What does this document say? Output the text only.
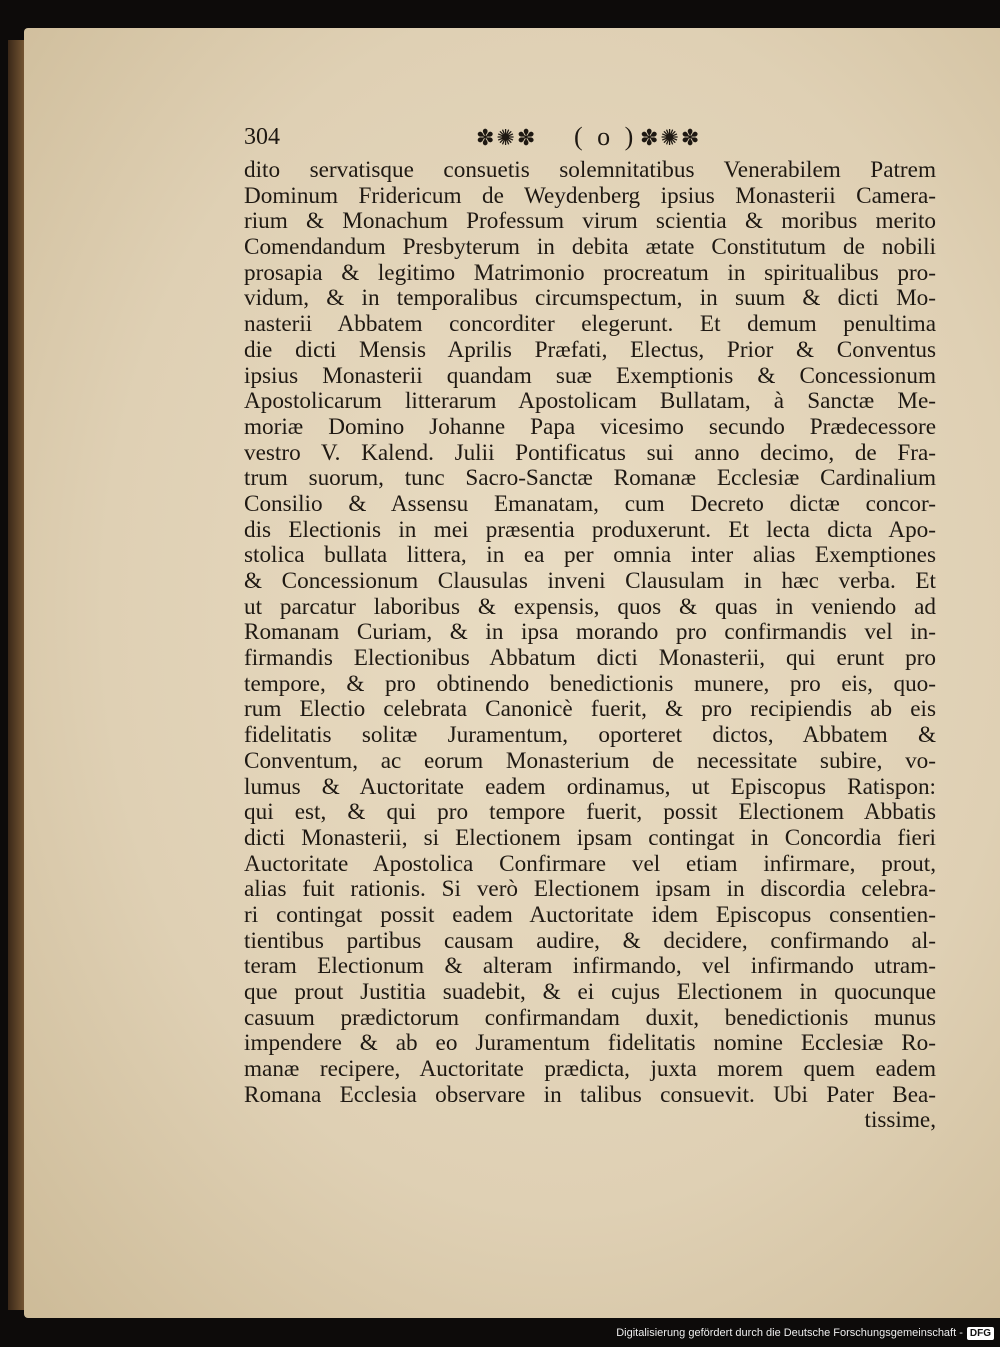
304	✽✺✽ ( o ) ✽✺✽
dito servatisque consuetis solemnitatibus Venerabilem Patrem
Dominum Fridericum de Weydenberg ipsius Monasterii Camera-
rium & Monachum Professum virum scientia & moribus merito
Comendandum Presbyterum in debita ætate Constitutum de nobili
prosapia & legitimo Matrimonio procreatum in spiritualibus pro-
vidum, & in temporalibus circumspectum, in suum & dicti Mo-
nasterii Abbatem concorditer elegerunt. Et demum penultima
die dicti Mensis Aprilis Præfati, Electus, Prior & Conventus
ipsius Monasterii quandam suæ Exemptionis & Concessionum
Apostolicarum litterarum Apostolicam Bullatam, à Sanctæ Me-
moriæ Domino Johanne Papa vicesimo secundo Prædecessore
vestro V. Kalend. Julii Pontificatus sui anno decimo, de Fra-
trum suorum, tunc Sacro-Sanctæ Romanæ Ecclesiæ Cardinalium
Consilio & Assensu Emanatam, cum Decreto dictæ concor-
dis Electionis in mei præsentia produxerunt. Et lecta dicta Apo-
stolica bullata littera, in ea per omnia inter alias Exemptiones
& Concessionum Clausulas inveni Clausulam in hæc verba. Et
ut parcatur laboribus & expensis, quos & quas in veniendo ad
Romanam Curiam, & in ipsa morando pro confirmandis vel in-
firmandis Electionibus Abbatum dicti Monasterii, qui erunt pro
tempore, & pro obtinendo benedictionis munere, pro eis, quo-
rum Electio celebrata Canonicè fuerit, & pro recipiendis ab eis
fidelitatis solitæ Juramentum, oporteret dictos, Abbatem &
Conventum, ac eorum Monasterium de necessitate subire, vo-
lumus & Auctoritate eadem ordinamus, ut Episcopus Ratispon:
qui est, & qui pro tempore fuerit, possit Electionem Abbatis
dicti Monasterii, si Electionem ipsam contingat in Concordia fieri
Auctoritate Apostolica Confirmare vel etiam infirmare, prout,
alias fuit rationis. Si verò Electionem ipsam in discordia celebra-
ri contingat possit eadem Auctoritate idem Episcopus consentien-
tientibus partibus causam audire, & decidere, confirmando al-
teram Electionum & alteram infirmando, vel infirmando utram-
que prout Justitia suadebit, & ei cujus Electionem in quocunque
casuum prædictorum confirmandam duxit, benedictionis munus
impendere & ab eo Juramentum fidelitatis nomine Ecclesiæ Ro-
manæ recipere, Auctoritate prædicta, juxta morem quem eadem
Romana Ecclesia observare in talibus consuevit. Ubi Pater Bea-
tissime,
Digitalisierung gefördert durch die Deutsche Forschungsgemeinschaft - DFG
